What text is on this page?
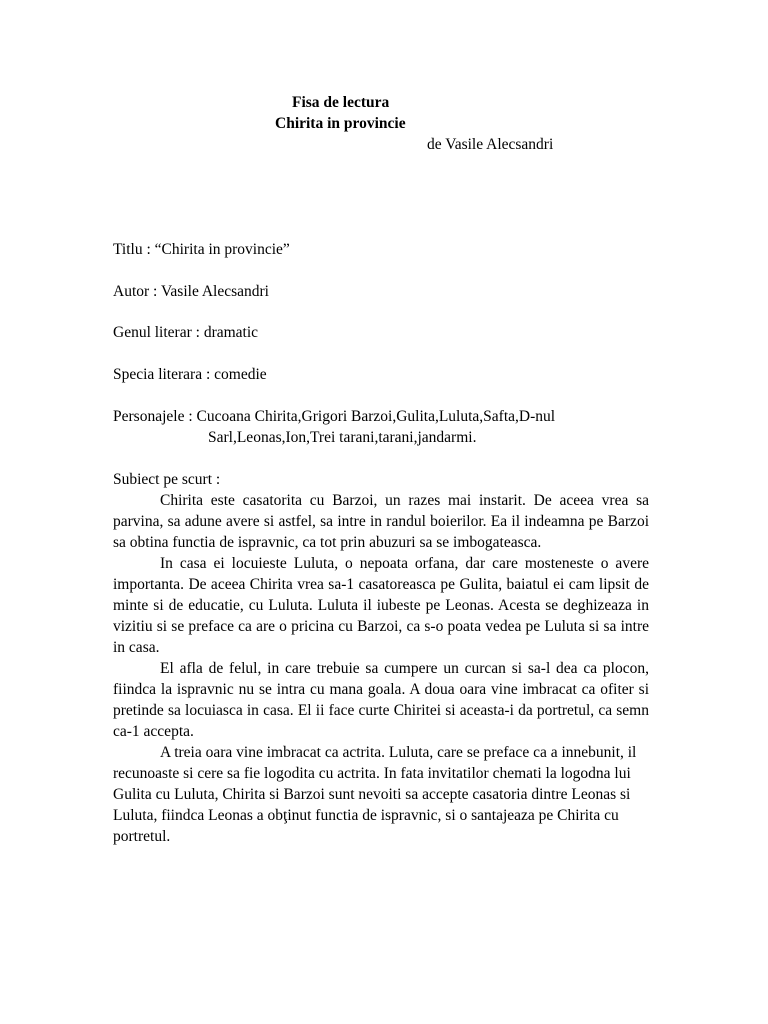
Fisa de lectura
Chirita in provincie
de Vasile Alecsandri
Titlu : “Chirita in provincie”
Autor : Vasile Alecsandri
Genul literar : dramatic
Specia literara : comedie
Personajele : Cucoana Chirita,Grigori Barzoi,Gulita,Luluta,Safta,D-nul
Sarl,Leonas,Ion,Trei tarani,tarani,jandarmi.

Subiect pe scurt :

Chirita este casatorita cu Barzoi, un razes mai instarit. De aceea vrea sa parvina, sa adune avere si astfel, sa intre in randul boierilor. Ea il indeamna pe Barzoi sa obtina functia de ispravnic, ca tot prin abuzuri sa se imbogateasca.

In casa ei locuieste Luluta, o nepoata orfana, dar care mosteneste o avere importanta. De aceea Chirita vrea sa-1 casatoreasca pe Gulita, baiatul ei cam lipsit de minte si de educatie, cu Luluta. Luluta il iubeste pe Leonas. Acesta se deghizeaza in vizitiu si se preface ca are o pricina cu Barzoi, ca s-o poata vedea pe Luluta si sa intre in casa.

El afla de felul, in care trebuie sa cumpere un curcan si sa-l dea ca plocon, fiindca la ispravnic nu se intra cu mana goala. A doua oara vine imbracat ca ofiter si pretinde sa locuiasca in casa. El ii face curte Chiritei si aceasta-i da portretul, ca semn ca-1 accepta.

A treia oara vine imbracat ca actrita. Luluta, care se preface ca a innebunit, il recunoaste si cere sa fie logodita cu actrita. In fata invitatilor chemati la logodna lui Gulita cu Luluta, Chirita si Barzoi sunt nevoiti sa accepte casatoria dintre Leonas si Luluta, fiindca Leonas a obţinut functia de ispravnic, si o santajeaza pe Chirita cu portretul.
